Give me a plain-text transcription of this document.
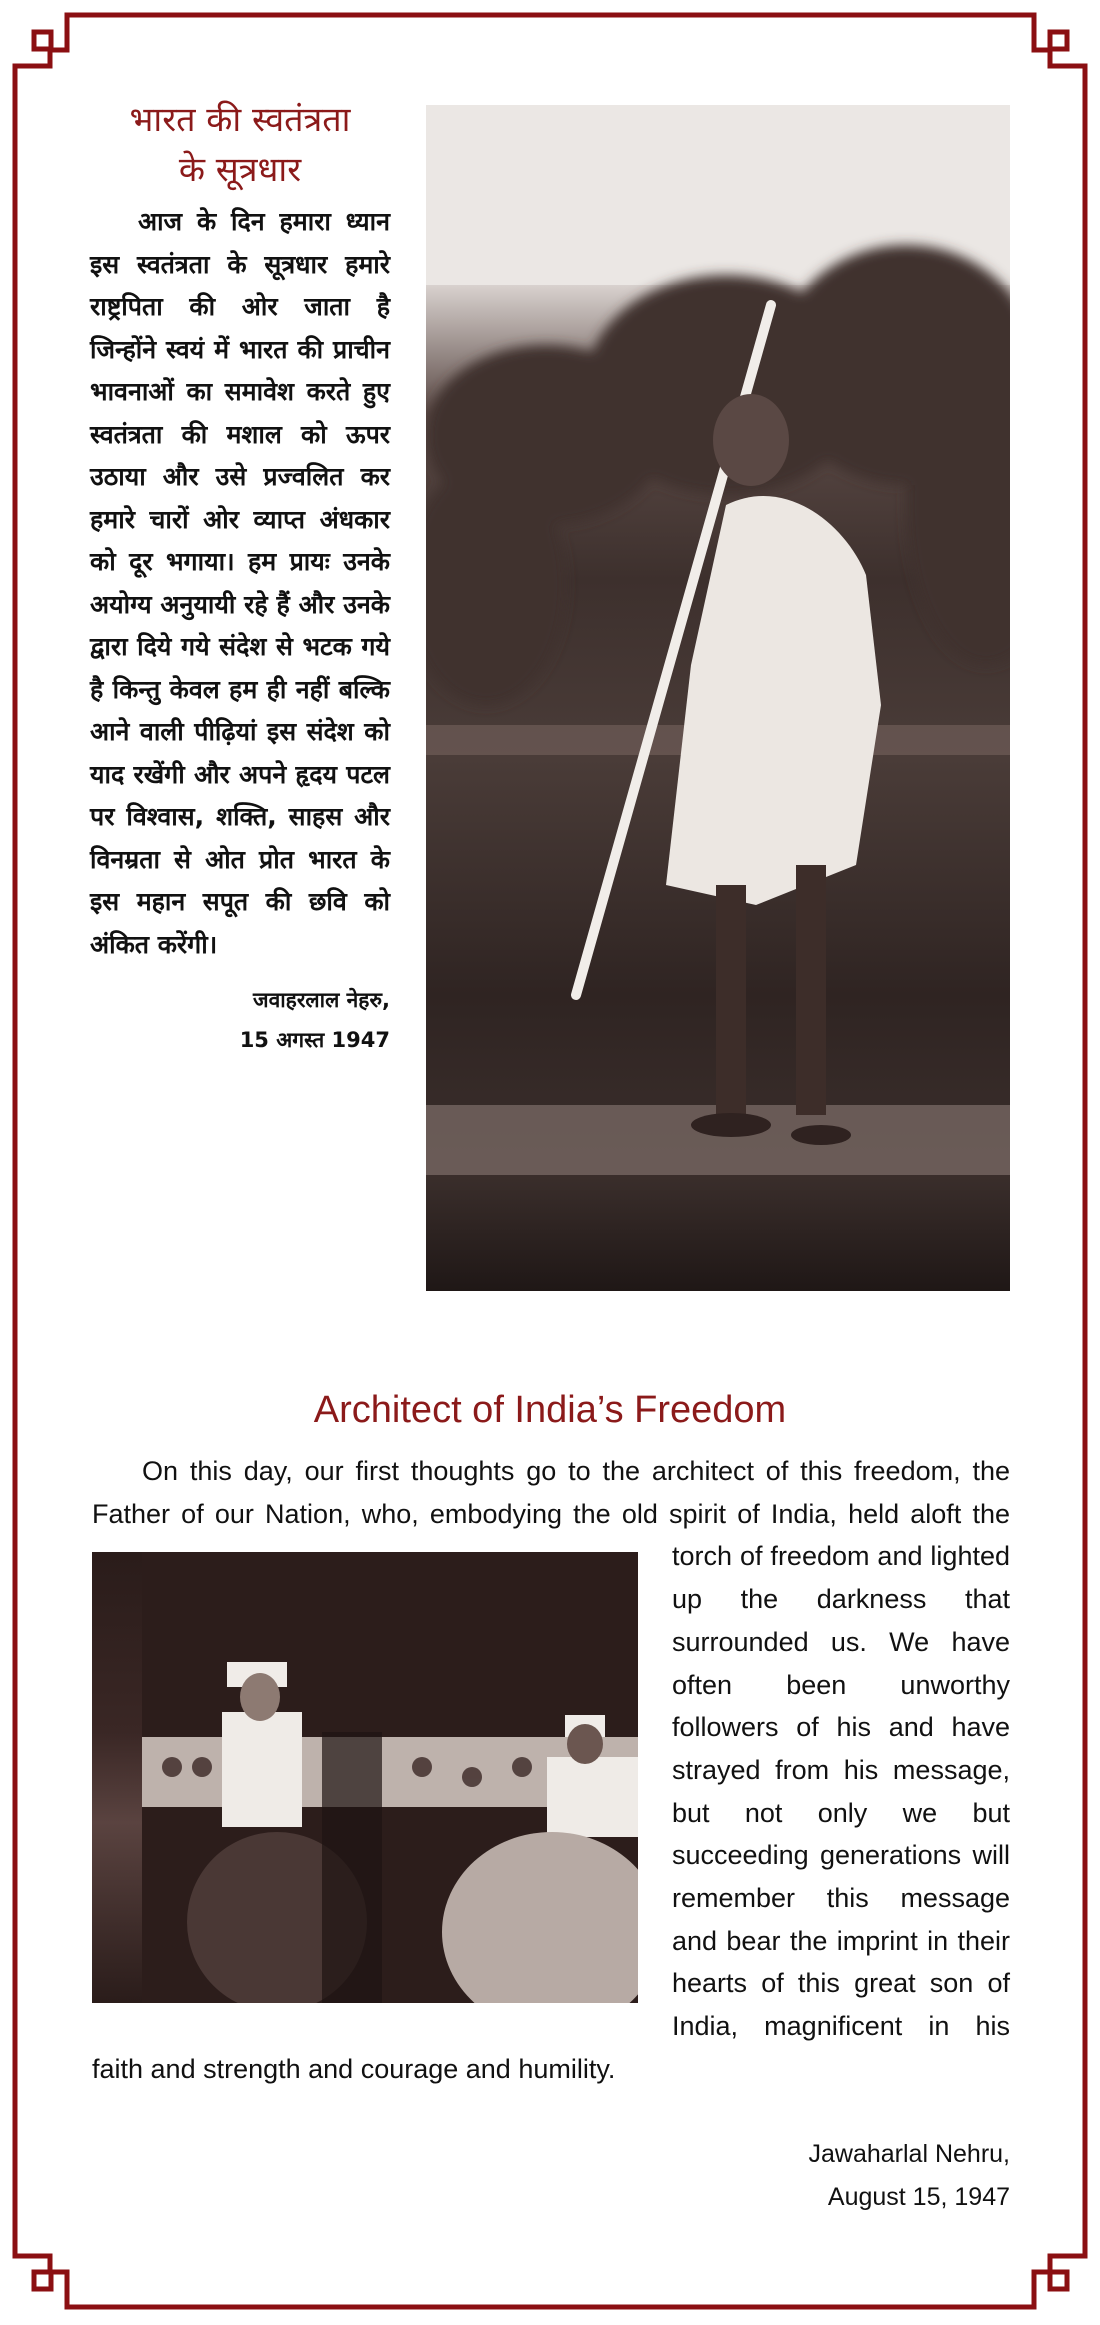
भारत की स्वतंत्रता
के सूत्रधार

आज के दिन हमारा ध्यान इस स्वतंत्रता के सूत्रधार हमारे राष्ट्रपिता की ओर जाता है जिन्होंने स्वयं में भारत की प्राचीन भावनाओं का समावेश करते हुए स्वतंत्रता की मशाल को ऊपर उठाया और उसे प्रज्वलित कर हमारे चारों ओर व्याप्त अंधकार को दूर भगाया। हम प्रायः उनके अयोग्य अनुयायी रहे हैं और उनके द्वारा दिये गये संदेश से भटक गये है किन्तु केवल हम ही नहीं बल्कि आने वाली पीढ़ियां इस संदेश को याद रखेंगी और अपने हृदय पटल पर विश्वास, शक्ति, साहस और विनम्रता से ओत प्रोत भारत के इस महान सपूत की छवि को अंकित करेंगी।

जवाहरलाल नेहरु,
15 अगस्त 1947
Architect of India’s Freedom
On this day, our first thoughts go to the architect of this freedom, the Father of our Nation, who, embodying the old spirit of India, held aloft the torch of freedom and lighted up the darkness that surrounded us. We have often been unworthy followers of his and have strayed from his message, but not only we but succeeding generations will remember this message and bear the imprint in their hearts of this great son of India, magnificent in his faith and strength and courage and humility.
Jawaharlal Nehru,
August 15, 1947
